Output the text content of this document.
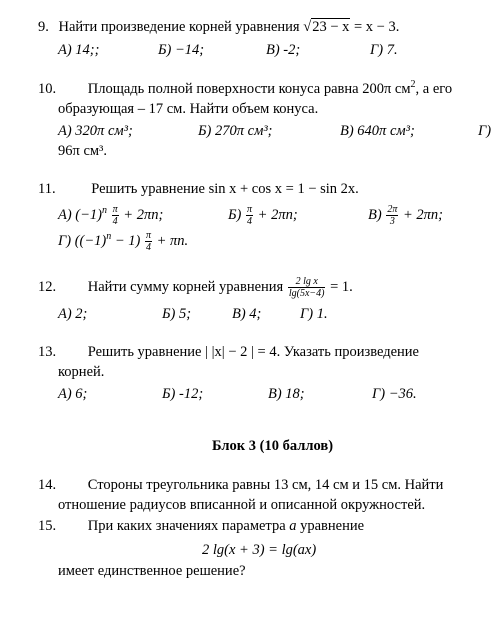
9. Найти произведение корней уравнения √23 − x = x − 3.
А) 14;;	Б) −14;	В) -2;	Г) 7.
10. Площадь полной поверхности конуса равна 200π $см^2$, а его
образующая – 17 см. Найти объем конуса.
А) 320π см³;	Б) 270π см³;	В) 640π см³;	Г)
96π см³.
11. Решить уравнение sin x + cos x = 1 − sin 2x.
А) $(-1)^n \frac{\pi}{4} + 2\pi n$;	$Б) \frac{\pi}{4} + 2\pi n$;	$В) \frac{2\pi}{3} + 2\pi n$;
Г) $((-1)^n - 1) \frac{\pi}{4} + \pi n$.
12. Найти сумму корней уравнения $\frac{\text{2 lg x}}{\lg(5x-4)} = 1$.
А) 2;	Б) 5;	В) 4;	Г) 1.
13. Решить уравнение | |x| − 2 | = 4. Указать произведение
корней.
А) 6;	Б) -12;	В) 18;	Г) −36.
Блок 3 (10 баллов)
14. Стороны треугольника равны 13 см, 14 см и 15 см. Найти
отношение радиусов вписанной и описанной окружностей.
15. При каких значениях параметра а уравнение
2 lg(x + 3) = lg(ax)
имеет единственное решение?
